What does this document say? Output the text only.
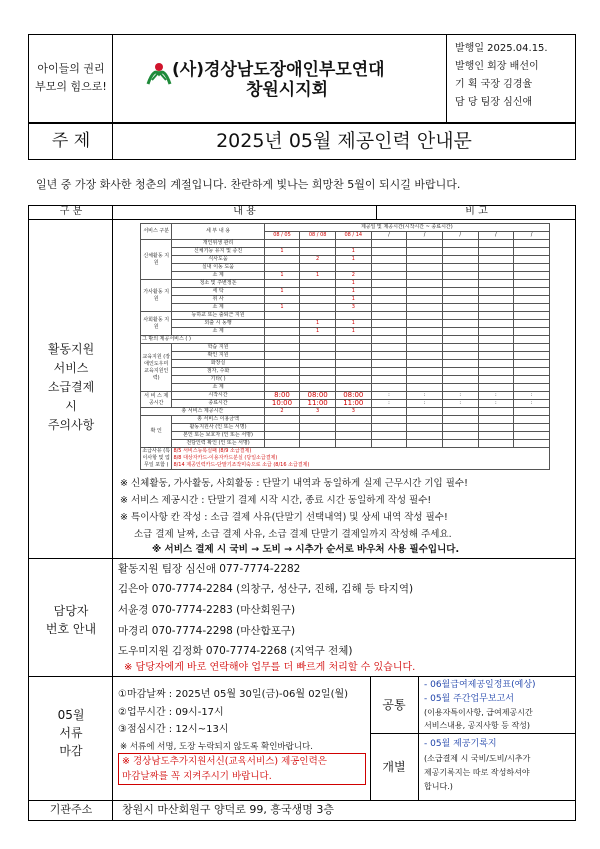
아이들의 권리
부모의 힘으로!
(사)경상남도장애인부모연대
창원시지회
발행일 2025.04.15.
발행인 회장 배선이
기 획 국장 김경율
담 당 팀장 심신애
주 제	2025년 05월 제공인력 안내문
일년 중 가장 화사한 청춘의 계절입니다. 찬란하게 빛나는 희망찬 5월이 되시길 바랍니다.
구 분	내 용	비 고
활동지원
서비스
소급결제
시
주의사항
서비스 구분	세 부 내 용	제공일 및 제공시간(시작시간 ~ 종료시간)							
		08 / 05	08 / 08	08 / 14	/	/	/	/	/
신체활동 지원	개인위생 관리								
	신체기능 유지 및 증진	1		1					
	식사도움		2	1					
	실내 이동 도움								
	소 계	1	1	2					
가사활동 지원	청소 및 주변정돈			1					
	세 탁	1		1					
	취 사			1					
	소 계	1		3					
사회활동 지원	등하교 또는 출퇴근 지원								
	외출 시 동행		1	1					
	소 계		1	1					
그 밖의 제공서비스 ( )									
교육지원 (장애인도우미 교육지원인력)	학습 지원								
	확인 지원								
	화장실								
	점자, 수화								
	기타( )								
	소 계								
서 비 스 제공시간	시작시간	8:00	08:00	08:00	:	:	:	:	:
	종료시간	10:00	11:00	11:00	:	:	:	:	:
총 서비스 제공시간		2	3	3					
확 인	총 서비스 이용금액								
	활동지원사 (인 또는 서명)								
	본인 또는 보호자 (인 또는 서명)								
	전담인력 확인 (인 또는 서명)								
소급사유 (특이사항 및 업무일 포함 )	8/5 서비스등록실패 (8/9 소급결제)
8/8 대상자카드-이용자카드분실 (당일소급결제)
8/14 제공인력카드-단말기조작미숙으로 소급 (8/16 소급결제)								
※ 신체활동, 가사활동, 사회활동 : 단말기 내역과 동일하게 실제 근무시간 기입 필수!
※ 서비스 제공시간 : 단말기 결제 시작 시간, 종료 시간 동일하게 작성 필수!
※ 특이사항 칸 작성 : 소급 결제 사유(단말기 선택내역) 및 상세 내역 작성 필수!
소급 결제 날짜, 소급 결제 사유, 소급 결제 단말기 결제일까지 작성해 주세요.
※ 서비스 결제 시 국비 → 도비 → 시추가 순서로 바우처 사용 필수입니다.
담당자
번호 안내
활동지원 팀장 심신애 077-7774-2282
김은아 070-7774-2284 (의창구, 성산구, 진해, 김해 등 타지역)
서윤경 070-7774-2283 (마산회원구)
마경리 070-7774-2298 (마산합포구)
도우미지원 김정화 070-7774-2268 (지역구 전체)
※ 담당자에게 바로 연락해야 업무를 더 빠르게 처리할 수 있습니다.
05월
서류
마감
①마감날짜 : 2025년 05월 30일(금)-06월 02일(월)
②업무시간 : 09시-17시
③점심시간 : 12시~13시
※ 서류에 서명, 도장 누락되지 않도록 확인바랍니다.
※ 경상남도추가지원서신(교육서비스) 제공인력은
마감날짜를 꼭 지켜주시기 바랍니다.
공통
- 06월급여제공일정표(예상)
- 05월 주간업무보고서
(이용자특이사항, 급여제공시간
서비스내용, 공지사항 등 작성)
개별
- 05월 제공기록지
(소급결제 시 국비/도비/시추가
제공기록지는 따로 작성하셔야
합니다.)
기관주소	창원시 마산회원구 양덕로 99, 흥국생명 3층
